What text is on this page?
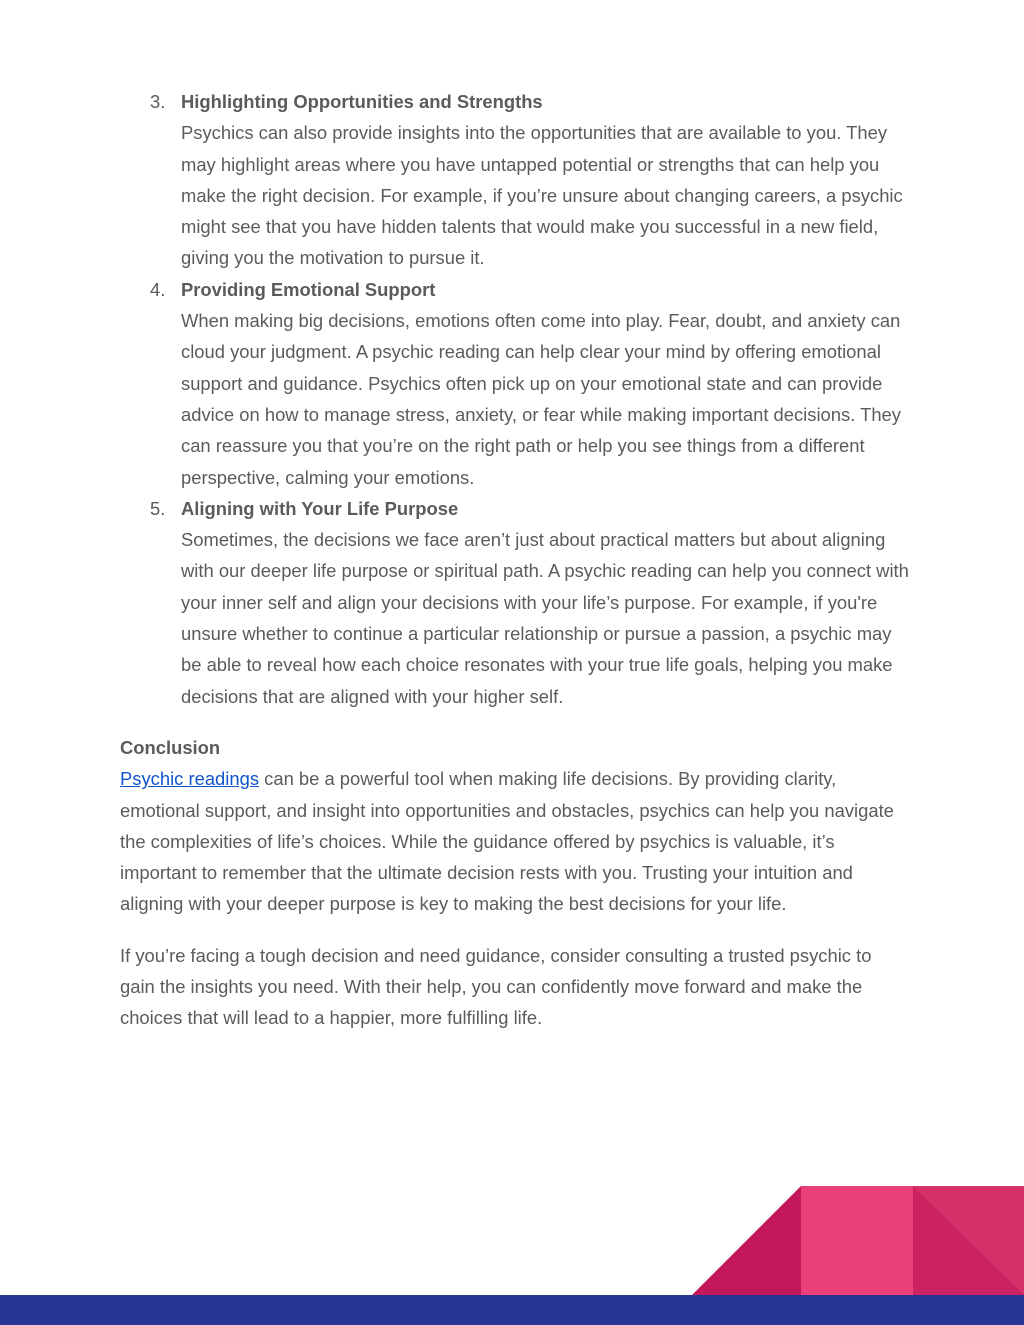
3. Highlighting Opportunities and Strengths
Psychics can also provide insights into the opportunities that are available to you. They may highlight areas where you have untapped potential or strengths that can help you make the right decision. For example, if you’re unsure about changing careers, a psychic might see that you have hidden talents that would make you successful in a new field, giving you the motivation to pursue it.
4. Providing Emotional Support
When making big decisions, emotions often come into play. Fear, doubt, and anxiety can cloud your judgment. A psychic reading can help clear your mind by offering emotional support and guidance. Psychics often pick up on your emotional state and can provide advice on how to manage stress, anxiety, or fear while making important decisions. They can reassure you that you’re on the right path or help you see things from a different perspective, calming your emotions.
5. Aligning with Your Life Purpose
Sometimes, the decisions we face aren’t just about practical matters but about aligning with our deeper life purpose or spiritual path. A psychic reading can help you connect with your inner self and align your decisions with your life’s purpose. For example, if you're unsure whether to continue a particular relationship or pursue a passion, a psychic may be able to reveal how each choice resonates with your true life goals, helping you make decisions that are aligned with your higher self.
Conclusion

Psychic readings can be a powerful tool when making life decisions. By providing clarity, emotional support, and insight into opportunities and obstacles, psychics can help you navigate the complexities of life’s choices. While the guidance offered by psychics is valuable, it’s important to remember that the ultimate decision rests with you. Trusting your intuition and aligning with your deeper purpose is key to making the best decisions for your life.

If you’re facing a tough decision and need guidance, consider consulting a trusted psychic to gain the insights you need. With their help, you can confidently move forward and make the choices that will lead to a happier, more fulfilling life.
